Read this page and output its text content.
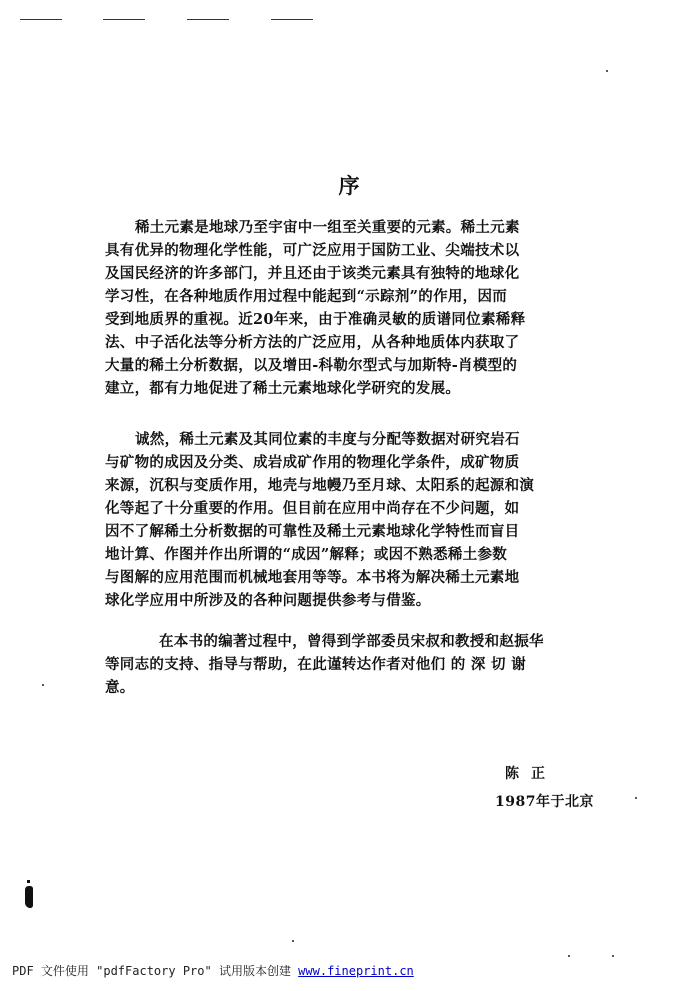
序
稀土元素是地球乃至宇宙中一组至关重要的元素。稀土元素
具有优异的物理化学性能，可广泛应用于国防工业、尖端技术以
及国民经济的许多部门，并且还由于该类元素具有独特的地球化
学习性，在各种地质作用过程中能起到“示踪剂”的作用，因而
受到地质界的重视。近20年来，由于准确灵敏的质谱同位素稀释
法、中子活化法等分析方法的广泛应用，从各种地质体内获取了
大量的稀土分析数据，以及增田-科勒尔型式与加斯特-肖模型的
建立，都有力地促进了稀土元素地球化学研究的发展。
诚然，稀土元素及其同位素的丰度与分配等数据对研究岩石
与矿物的成因及分类、成岩成矿作用的物理化学条件，成矿物质
来源，沉积与变质作用，地壳与地幔乃至月球、太阳系的起源和演
化等起了十分重要的作用。但目前在应用中尚存在不少问题，如
因不了解稀土分析数据的可靠性及稀土元素地球化学特性而盲目
地计算、作图并作出所谓的“成因”解释；或因不熟悉稀土参数
与图解的应用范围而机械地套用等等。本书将为解决稀土元素地
球化学应用中所涉及的各种问题提供参考与借鉴。
在本书的编著过程中，曾得到学部委员宋叔和教授和赵振华
等同志的支持、指导与帮助，在此谨转达作者对他们 的 深 切 谢
意。
陈正
1987年于北京
PDF 文件使用 "pdfFactory Pro" 试用版本创建 www.fineprint.cn
